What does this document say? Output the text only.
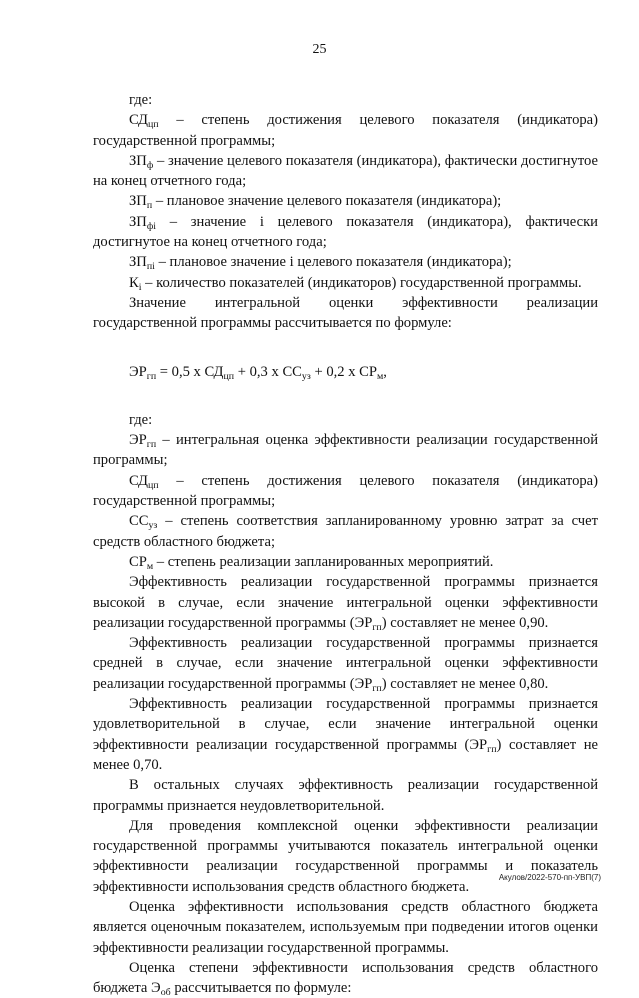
25

где:

$СД_{цп}$ – степень достижения целевого показателя (индикатора) государственной программы;

$ЗП_ф$ – значение целевого показателя (индикатора), фактически достигнутое на конец отчетного года;

$ЗП_п$ – плановое значение целевого показателя (индикатора);

$ЗП_{фi}$ – значение i целевого показателя (индикатора), фактически достигнутое на конец отчетного года;

$ЗП_{пi}$ – плановое значение i целевого показателя (индикатора);

$К_i$ – количество показателей (индикаторов) государственной программы.

Значение интегральной оценки эффективности реализации государственной программы рассчитывается по формуле:

$ЭР_{гп} = 0,5$ х $СД_{цп} + 0,3$ х $СС_{уз} + 0,2$ х $СР_м$,

где:

$ЭР_{гп}$ – интегральная оценка эффективности реализации государственной программы;

$СД_{цп}$ – степень достижения целевого показателя (индикатора) государственной программы;

$СС_{уз}$ – степень соответствия запланированному уровню затрат за счет средств областного бюджета;

$СР_м$ – степень реализации запланированных мероприятий.

Эффективность реализации государственной программы признается высокой в случае, если значение интегральной оценки эффективности реализации государственной программы $(ЭР_{гп})$ составляет не менее 0,90.

Эффективность реализации государственной программы признается средней в случае, если значение интегральной оценки эффективности реализации государственной программы $(ЭР_{гп})$ составляет не менее 0,80.

Эффективность реализации государственной программы признается удовлетворительной в случае, если значение интегральной оценки эффективности реализации государственной программы $(ЭР_{гп})$ составляет не менее 0,70.

В остальных случаях эффективность реализации государственной программы признается неудовлетворительной.

Для проведения комплексной оценки эффективности реализации государственной программы учитываются показатель интегральной оценки эффективности реализации государственной программы и показатель эффективности использования средств областного бюджета.

Оценка эффективности использования средств областного бюджета является оценочным показателем, используемым при подведении итогов оценки эффективности реализации государственной программы.

Оценка степени эффективности использования средств областного бюджета $Э_{об}$ рассчитывается по формуле:

Акулов/2022-570-пп-УВП(7)
